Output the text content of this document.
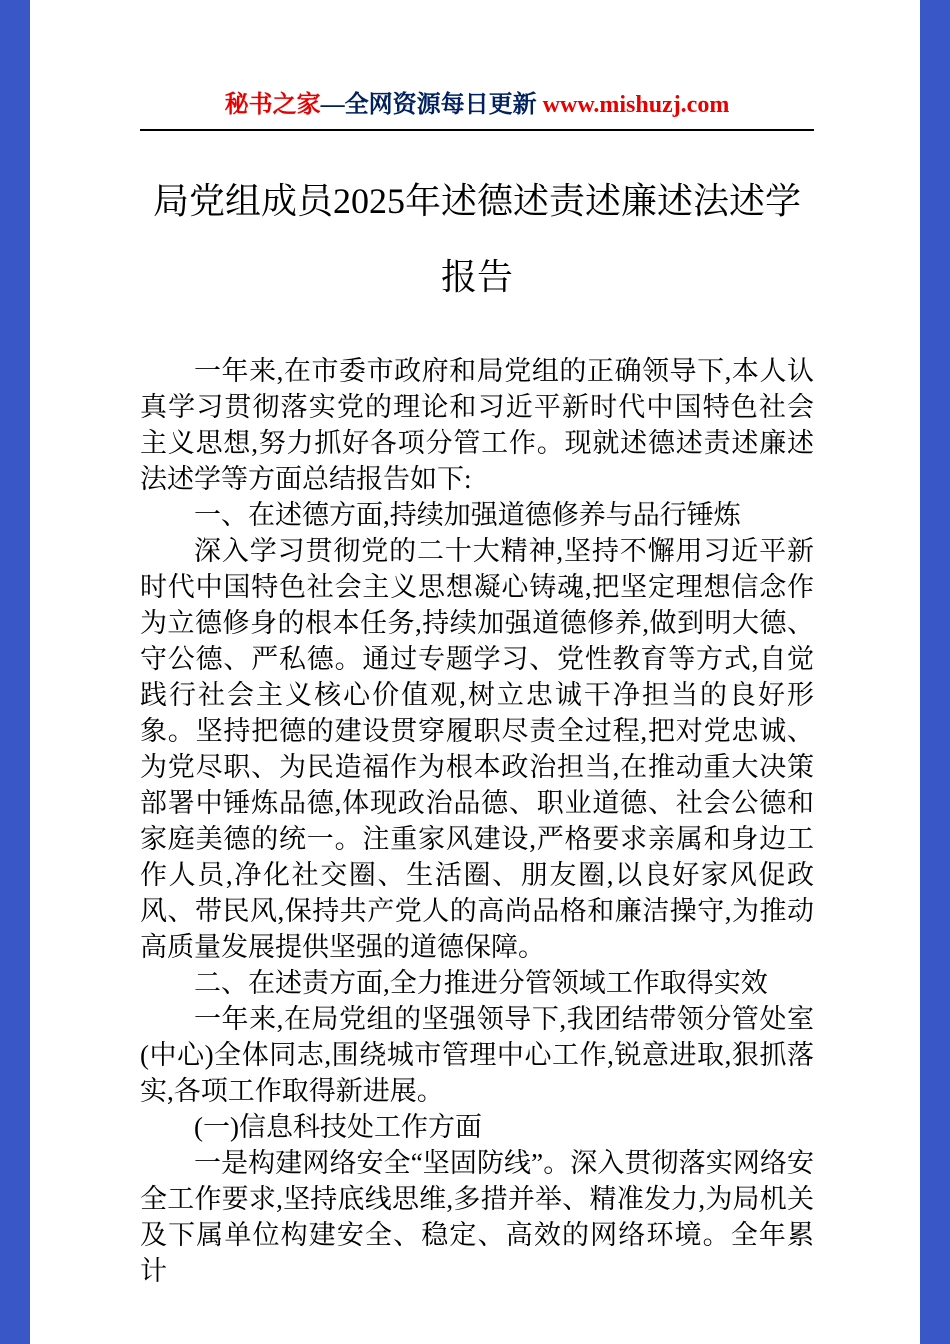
秘书之家—全网资源每日更新 www.mishuzj.com
局党组成员2025年述德述责述廉述法述学
报告

一年来,在市委市政府和局党组的正确领导下,本人认真学习贯彻落实党的理论和习近平新时代中国特色社会主义思想,努力抓好各项分管工作。现就述德述责述廉述法述学等方面总结报告如下:

一、在述德方面,持续加强道德修养与品行锤炼

深入学习贯彻党的二十大精神,坚持不懈用习近平新时代中国特色社会主义思想凝心铸魂,把坚定理想信念作为立德修身的根本任务,持续加强道德修养,做到明大德、守公德、严私德。通过专题学习、党性教育等方式,自觉践行社会主义核心价值观,树立忠诚干净担当的良好形象。坚持把德的建设贯穿履职尽责全过程,把对党忠诚、为党尽职、为民造福作为根本政治担当,在推动重大决策部署中锤炼品德,体现政治品德、职业道德、社会公德和家庭美德的统一。注重家风建设,严格要求亲属和身边工作人员,净化社交圈、生活圈、朋友圈,以良好家风促政风、带民风,保持共产党人的高尚品格和廉洁操守,为推动高质量发展提供坚强的道德保障。

二、在述责方面,全力推进分管领域工作取得实效

一年来,在局党组的坚强领导下,我团结带领分管处室(中心)全体同志,围绕城市管理中心工作,锐意进取,狠抓落实,各项工作取得新进展。

(一)信息科技处工作方面

一是构建网络安全“坚固防线”。深入贯彻落实网络安全工作要求,坚持底线思维,多措并举、精准发力,为局机关及下属单位构建安全、稳定、高效的网络环境。全年累计
